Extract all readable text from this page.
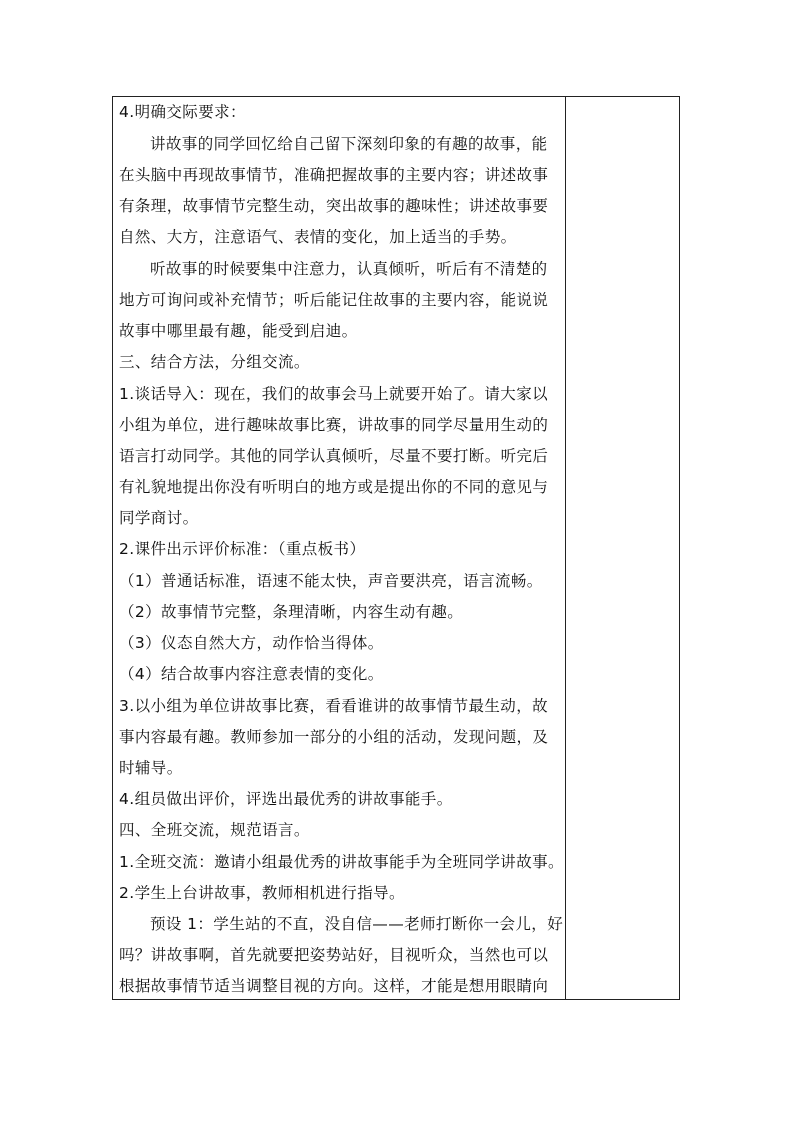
4.明确交际要求：
讲故事的同学回忆给自己留下深刻印象的有趣的故事，能
在头脑中再现故事情节，准确把握故事的主要内容；讲述故事
有条理，故事情节完整生动，突出故事的趣味性；讲述故事要
自然、大方，注意语气、表情的变化，加上适当的手势。
听故事的时候要集中注意力，认真倾听，听后有不清楚的
地方可询问或补充情节；听后能记住故事的主要内容，能说说
故事中哪里最有趣，能受到启迪。
三、结合方法，分组交流。
1.谈话导入：现在，我们的故事会马上就要开始了。请大家以
小组为单位，进行趣味故事比赛，讲故事的同学尽量用生动的
语言打动同学。其他的同学认真倾听，尽量不要打断。听完后
有礼貌地提出你没有听明白的地方或是提出你的不同的意见与
同学商讨。
2.课件出示评价标准：（重点板书）
（1）普通话标准，语速不能太快，声音要洪亮，语言流畅。
（2）故事情节完整，条理清晰，内容生动有趣。
（3）仪态自然大方，动作恰当得体。
（4）结合故事内容注意表情的变化。
3.以小组为单位讲故事比赛，看看谁讲的故事情节最生动，故
事内容最有趣。教师参加一部分的小组的活动，发现问题，及
时辅导。
4.组员做出评价，评选出最优秀的讲故事能手。
四、全班交流，规范语言。
1.全班交流：邀请小组最优秀的讲故事能手为全班同学讲故事。
2.学生上台讲故事，教师相机进行指导。
预设 1：学生站的不直，没自信——老师打断你一会儿，好
吗？讲故事啊，首先就要把姿势站好，目视听众，当然也可以
根据故事情节适当调整目视的方向。这样，才能是想用眼睛向
